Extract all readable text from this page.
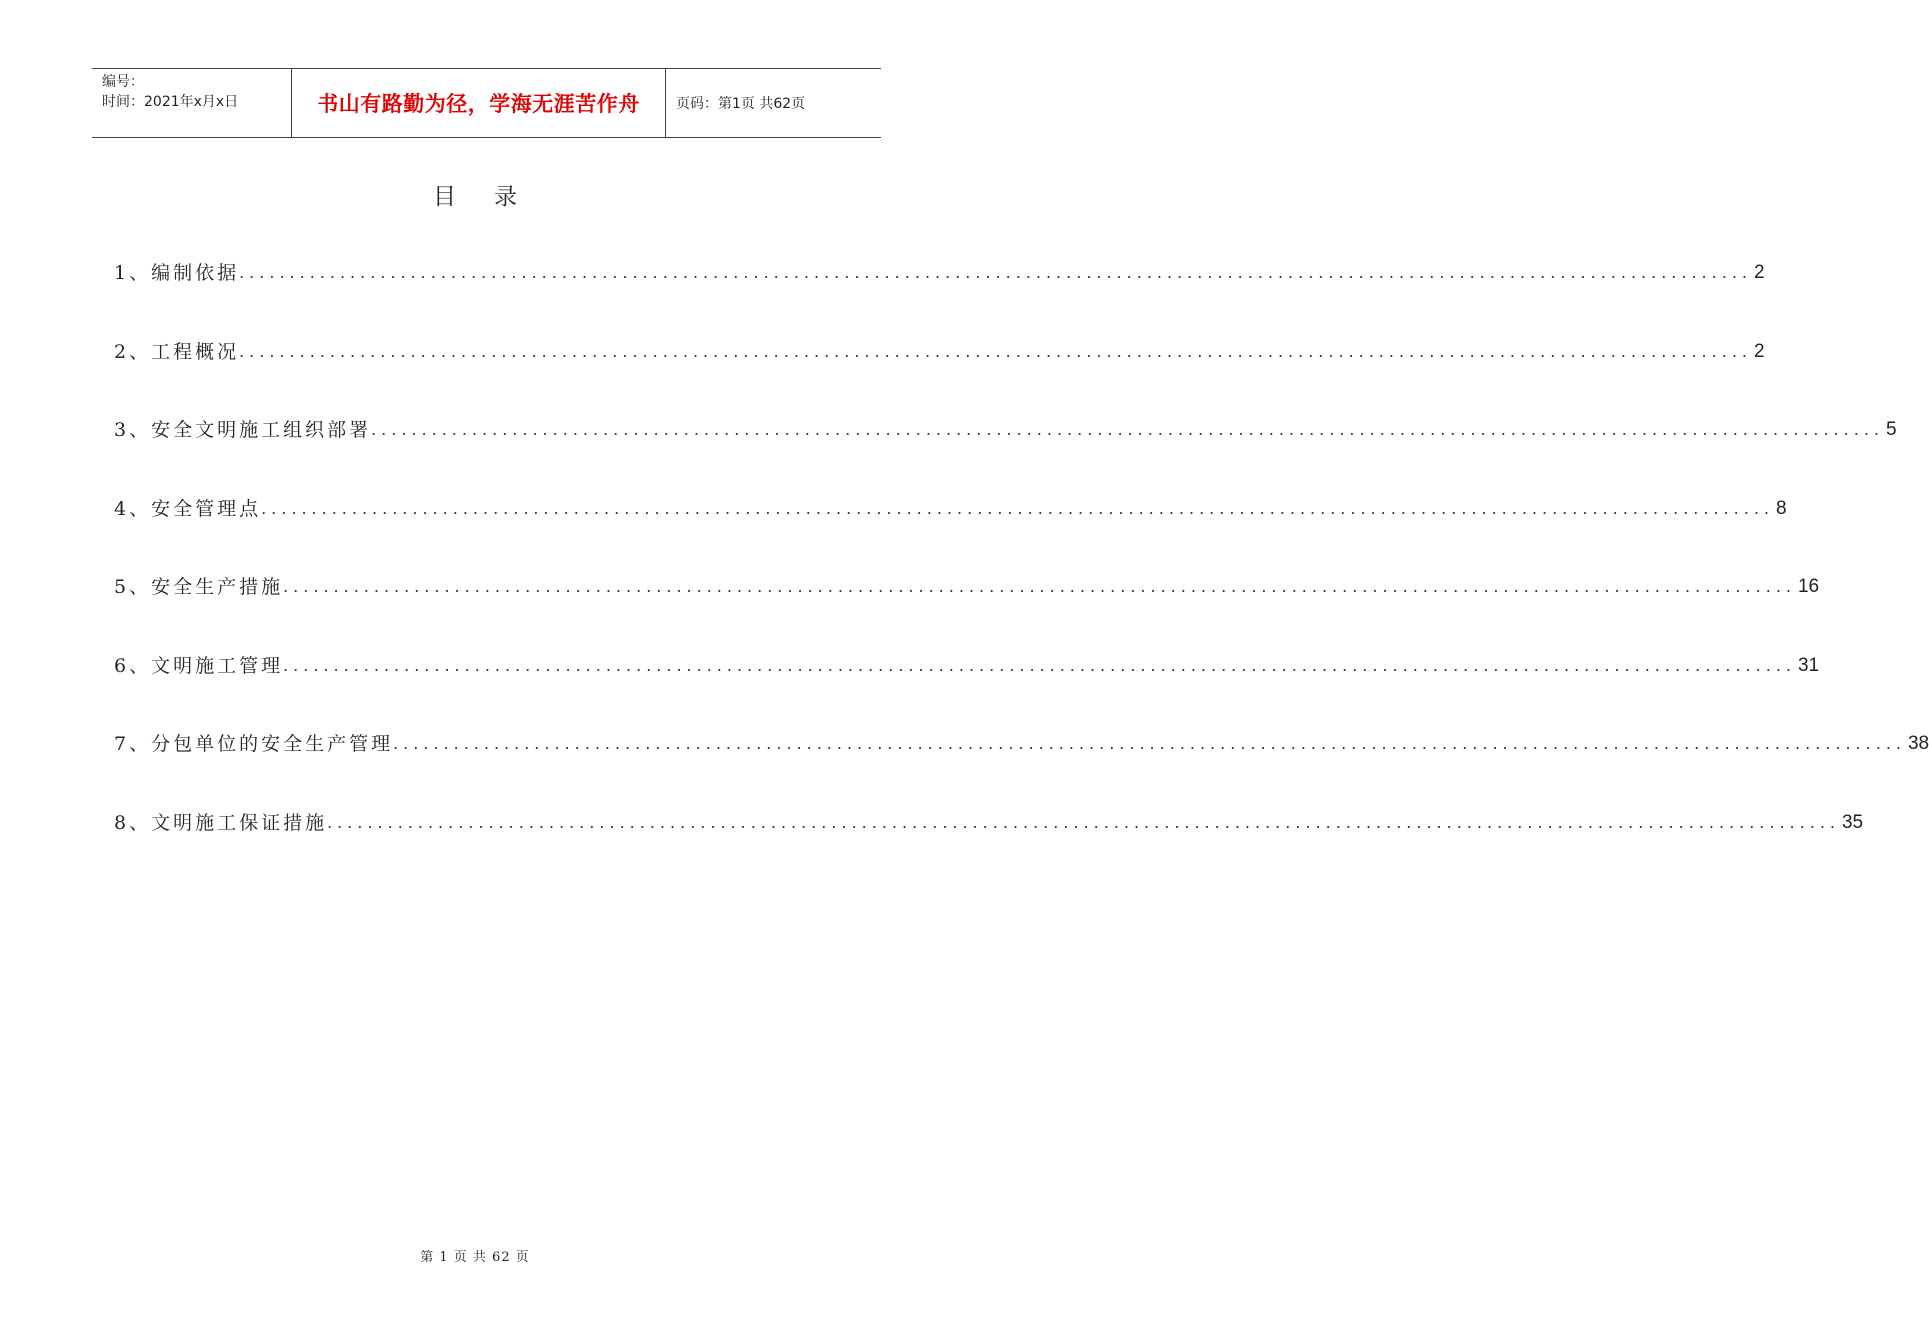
编号：
时间：2021年x月x日	书山有路勤为径，学海无涯苦作舟	页码：第1页 共62页
目录
1、编制依据 ...................................................................................................................................................... 2
2、工程概况 ...................................................................................................................................................... 2
3、安全文明施工组织部署 ...................................................................................................................................................... 5
4、安全管理点 ...................................................................................................................................................... 8
5、安全生产措施 ...................................................................................................................................................... 16
6、文明施工管理 ...................................................................................................................................................... 31
7、分包单位的安全生产管理 ...................................................................................................................................................... 38
8、文明施工保证措施 ...................................................................................................................................................... 35
第 1 页 共 62 页
